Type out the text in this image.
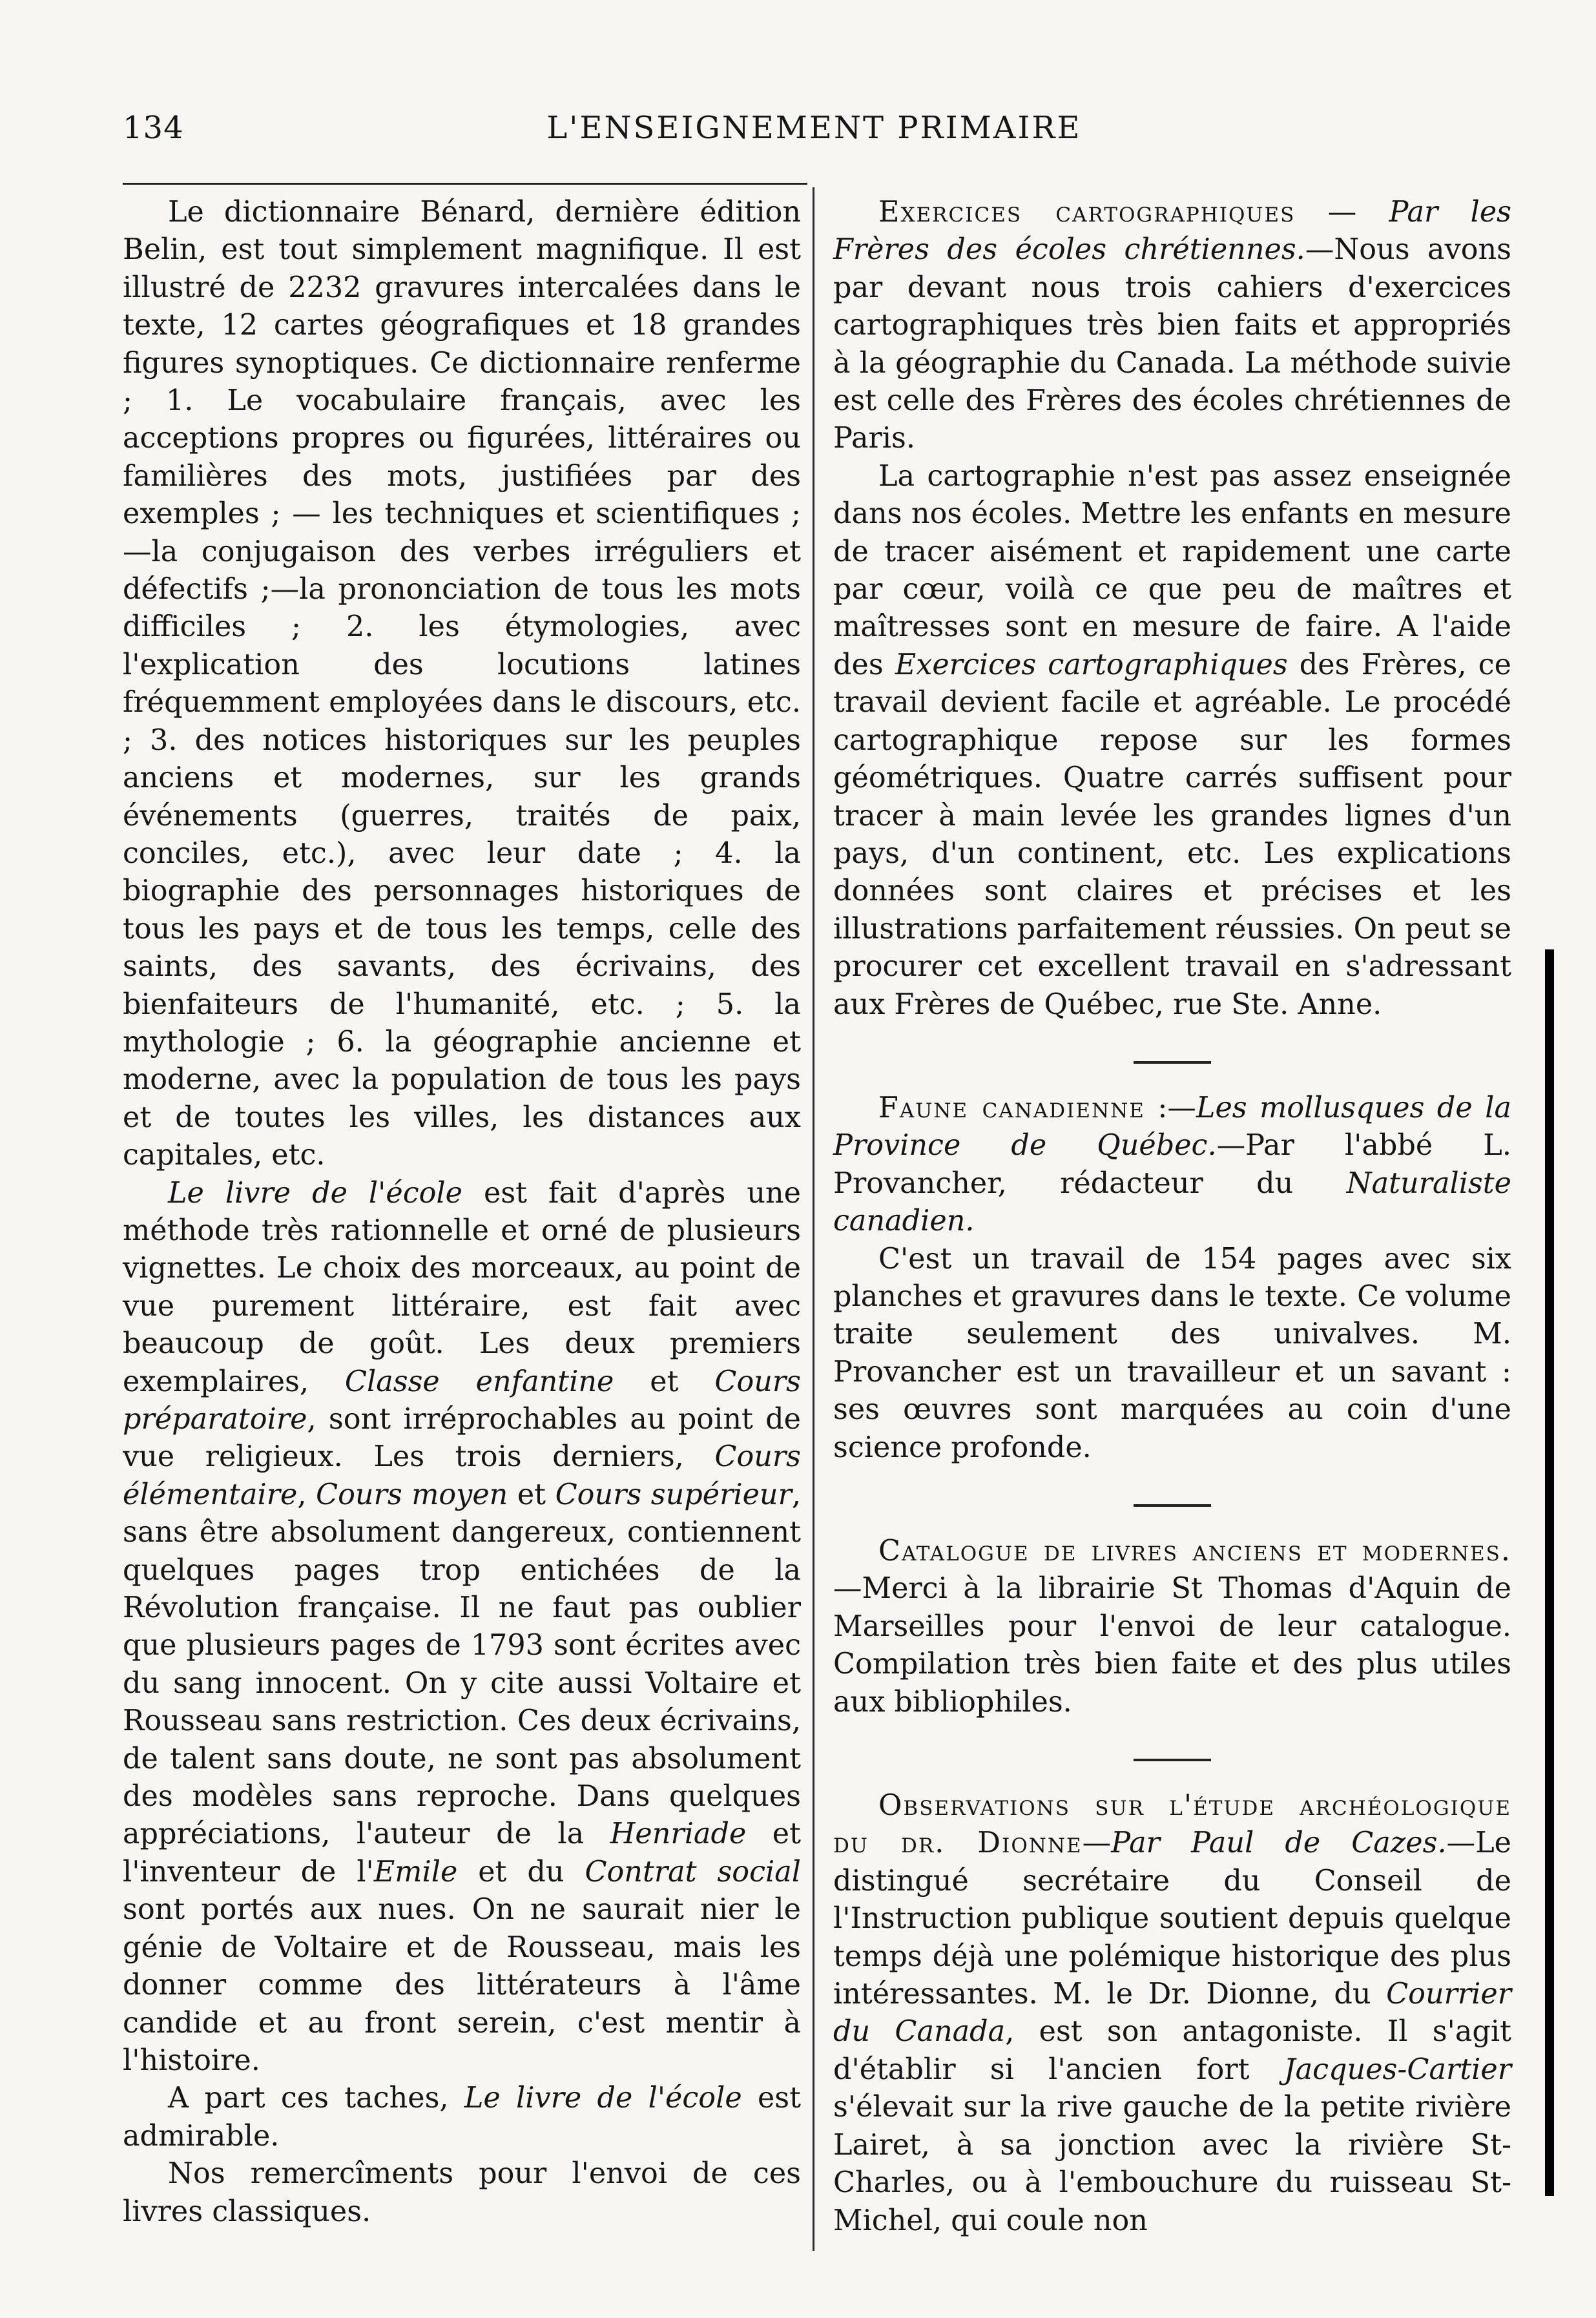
134	L'ENSEIGNEMENT PRIMAIRE

Le dictionnaire Bénard, dernière édition Belin, est tout simplement magnifique. Il est illustré de 2232 gravures intercalées dans le texte, 12 cartes géografiques et 18 grandes figures synoptiques. Ce dictionnaire renferme ; 1. Le vocabulaire français, avec les acceptions propres ou figurées, littéraires ou familières des mots, justifiées par des exemples ; — les techniques et scientifiques ;—la conjugaison des verbes irréguliers et défectifs ;—la prononciation de tous les mots difficiles ; 2. les étymologies, avec l'explication des locutions latines fréquemment employées dans le discours, etc. ; 3. des notices historiques sur les peuples anciens et modernes, sur les grands événements (guerres, traités de paix, conciles, etc.), avec leur date ; 4. la biographie des personnages historiques de tous les pays et de tous les temps, celle des saints, des savants, des écrivains, des bienfaiteurs de l'humanité, etc. ; 5. la mythologie ; 6. la géographie ancienne et moderne, avec la population de tous les pays et de toutes les villes, les distances aux capitales, etc.

Le livre de l'école est fait d'après une méthode très rationnelle et orné de plusieurs vignettes. Le choix des morceaux, au point de vue purement littéraire, est fait avec beaucoup de goût. Les deux premiers exemplaires, Classe enfantine et Cours préparatoire, sont irréprochables au point de vue religieux. Les trois derniers, Cours élémentaire, Cours moyen et Cours supérieur, sans être absolument dangereux, contiennent quelques pages trop entichées de la Révolution française. Il ne faut pas oublier que plusieurs pages de 1793 sont écrites avec du sang innocent. On y cite aussi Voltaire et Rousseau sans restriction. Ces deux écrivains, de talent sans doute, ne sont pas absolument des modèles sans reproche. Dans quelques appréciations, l'auteur de la Henriade et l'inventeur de l'Emile et du Contrat social sont portés aux nues. On ne saurait nier le génie de Voltaire et de Rousseau, mais les donner comme des littérateurs à l'âme candide et au front serein, c'est mentir à l'histoire.

A part ces taches, Le livre de l'école est admirable.

Nos remercîments pour l'envoi de ces livres classiques.

Exercices cartographiques — Par les Frères des écoles chrétiennes.—Nous avons par devant nous trois cahiers d'exercices cartographiques très bien faits et appropriés à la géographie du Canada. La méthode suivie est celle des Frères des écoles chrétiennes de Paris.

La cartographie n'est pas assez enseignée dans nos écoles. Mettre les enfants en mesure de tracer aisément et rapidement une carte par cœur, voilà ce que peu de maîtres et maîtresses sont en mesure de faire. A l'aide des Exercices cartographiques des Frères, ce travail devient facile et agréable. Le procédé cartographique repose sur les formes géométriques. Quatre carrés suffisent pour tracer à main levée les grandes lignes d'un pays, d'un continent, etc. Les explications données sont claires et précises et les illustrations parfaitement réussies. On peut se procurer cet excellent travail en s'adressant aux Frères de Québec, rue Ste. Anne.

Faune canadienne :—Les mollusques de la Province de Québec.—Par l'abbé L. Provancher, rédacteur du Naturaliste canadien.

C'est un travail de 154 pages avec six planches et gravures dans le texte. Ce volume traite seulement des univalves. M. Provancher est un travailleur et un savant : ses œuvres sont marquées au coin d'une science profonde.

Catalogue de livres anciens et modernes.—Merci à la librairie St Thomas d'Aquin de Marseilles pour l'envoi de leur catalogue. Compilation très bien faite et des plus utiles aux bibliophiles.

Observations sur l'étude archéologique du dr. Dionne—Par Paul de Cazes.—Le distingué secrétaire du Conseil de l'Instruction publique soutient depuis quelque temps déjà une polémique historique des plus intéressantes. M. le Dr. Dionne, du Courrier du Canada, est son antagoniste. Il s'agit d'établir si l'ancien fort Jacques-Cartier s'élevait sur la rive gauche de la petite rivière Lairet, à sa jonction avec la rivière St-Charles, ou à l'embouchure du ruisseau St-Michel, qui coule non
